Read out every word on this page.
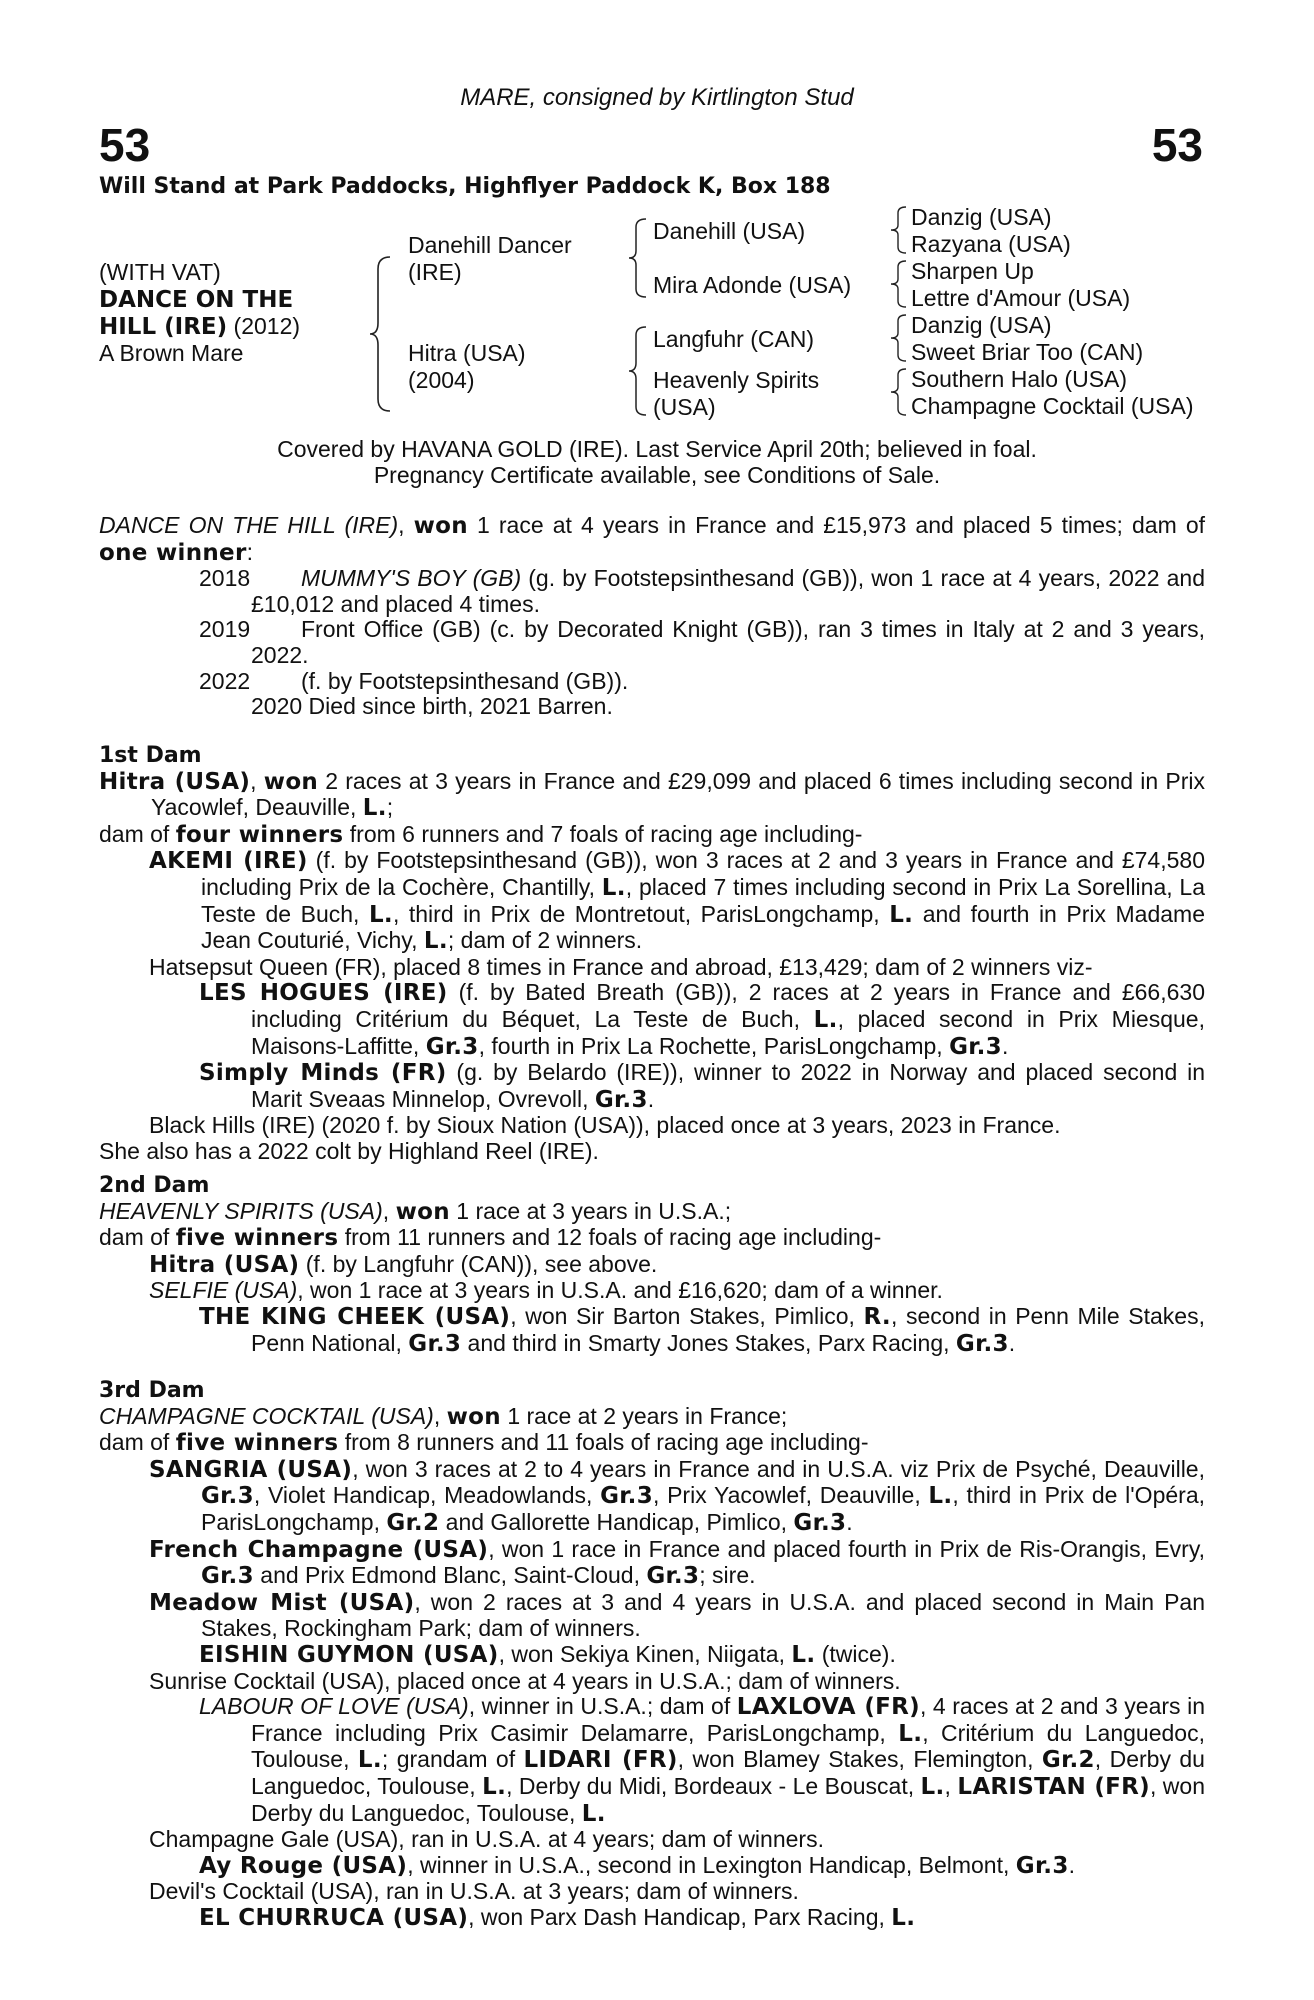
53
MARE, consigned by Kirtlington Stud
53
Will Stand at Park Paddocks, Highflyer Paddock K, Box 188
(WITH VAT)
DANCE ON THE
HILL (IRE) (2012)
A Brown Mare
Danehill Dancer
(IRE)
Hitra (USA)
(2004)
Danehill (USA)
Mira Adonde (USA)
Langfuhr (CAN)
Heavenly Spirits
(USA)
Danzig (USA)
Razyana (USA)
Sharpen Up
Lettre d'Amour (USA)
Danzig (USA)
Sweet Briar Too (CAN)
Southern Halo (USA)
Champagne Cocktail (USA)
Covered by HAVANA GOLD (IRE). Last Service April 20th; believed in foal.
Pregnancy Certificate available, see Conditions of Sale.

DANCE ON THE HILL (IRE), won 1 race at 4 years in France and £15,973 and placed 5 times; dam of one winner:

2018 MUMMY'S BOY (GB) (g. by Footstepsinthesand (GB)), won 1 race at 4 years, 2022 and £10,012 and placed 4 times.

2019 Front Office (GB) (c. by Decorated Knight (GB)), ran 3 times in Italy at 2 and 3 years, 2022.

2022 (f. by Footstepsinthesand (GB)).

2020 Died since birth, 2021 Barren.

1st Dam

Hitra (USA), won 2 races at 3 years in France and £29,099 and placed 6 times including second in Prix Yacowlef, Deauville, L.;

dam of four winners from 6 runners and 7 foals of racing age including-

AKEMI (IRE) (f. by Footstepsinthesand (GB)), won 3 races at 2 and 3 years in France and £74,580 including Prix de la Cochère, Chantilly, L., placed 7 times including second in Prix La Sorellina, La Teste de Buch, L., third in Prix de Montretout, ParisLongchamp, L. and fourth in Prix Madame Jean Couturié, Vichy, L.; dam of 2 winners.

Hatsepsut Queen (FR), placed 8 times in France and abroad, £13,429; dam of 2 winners viz-

LES HOGUES (IRE) (f. by Bated Breath (GB)), 2 races at 2 years in France and £66,630 including Critérium du Béquet, La Teste de Buch, L., placed second in Prix Miesque, Maisons-Laffitte, Gr.3, fourth in Prix La Rochette, ParisLongchamp, Gr.3.

Simply Minds (FR) (g. by Belardo (IRE)), winner to 2022 in Norway and placed second in Marit Sveaas Minnelop, Ovrevoll, Gr.3.

Black Hills (IRE) (2020 f. by Sioux Nation (USA)), placed once at 3 years, 2023 in France.

She also has a 2022 colt by Highland Reel (IRE).

2nd Dam

HEAVENLY SPIRITS (USA), won 1 race at 3 years in U.S.A.;

dam of five winners from 11 runners and 12 foals of racing age including-

Hitra (USA) (f. by Langfuhr (CAN)), see above.

SELFIE (USA), won 1 race at 3 years in U.S.A. and £16,620; dam of a winner.

THE KING CHEEK (USA), won Sir Barton Stakes, Pimlico, R., second in Penn Mile Stakes, Penn National, Gr.3 and third in Smarty Jones Stakes, Parx Racing, Gr.3.

3rd Dam

CHAMPAGNE COCKTAIL (USA), won 1 race at 2 years in France;

dam of five winners from 8 runners and 11 foals of racing age including-

SANGRIA (USA), won 3 races at 2 to 4 years in France and in U.S.A. viz Prix de Psyché, Deauville, Gr.3, Violet Handicap, Meadowlands, Gr.3, Prix Yacowlef, Deauville, L., third in Prix de l'Opéra, ParisLongchamp, Gr.2 and Gallorette Handicap, Pimlico, Gr.3.

French Champagne (USA), won 1 race in France and placed fourth in Prix de Ris-Orangis, Evry, Gr.3 and Prix Edmond Blanc, Saint-Cloud, Gr.3; sire.

Meadow Mist (USA), won 2 races at 3 and 4 years in U.S.A. and placed second in Main Pan Stakes, Rockingham Park; dam of winners.

EISHIN GUYMON (USA), won Sekiya Kinen, Niigata, L. (twice).

Sunrise Cocktail (USA), placed once at 4 years in U.S.A.; dam of winners.

LABOUR OF LOVE (USA), winner in U.S.A.; dam of LAXLOVA (FR), 4 races at 2 and 3 years in France including Prix Casimir Delamarre, ParisLongchamp, L., Critérium du Languedoc, Toulouse, L.; grandam of LIDARI (FR), won Blamey Stakes, Flemington, Gr.2, Derby du Languedoc, Toulouse, L., Derby du Midi, Bordeaux - Le Bouscat, L., LARISTAN (FR), won Derby du Languedoc, Toulouse, L.

Champagne Gale (USA), ran in U.S.A. at 4 years; dam of winners.

Ay Rouge (USA), winner in U.S.A., second in Lexington Handicap, Belmont, Gr.3.

Devil's Cocktail (USA), ran in U.S.A. at 3 years; dam of winners.

EL CHURRUCA (USA), won Parx Dash Handicap, Parx Racing, L.
